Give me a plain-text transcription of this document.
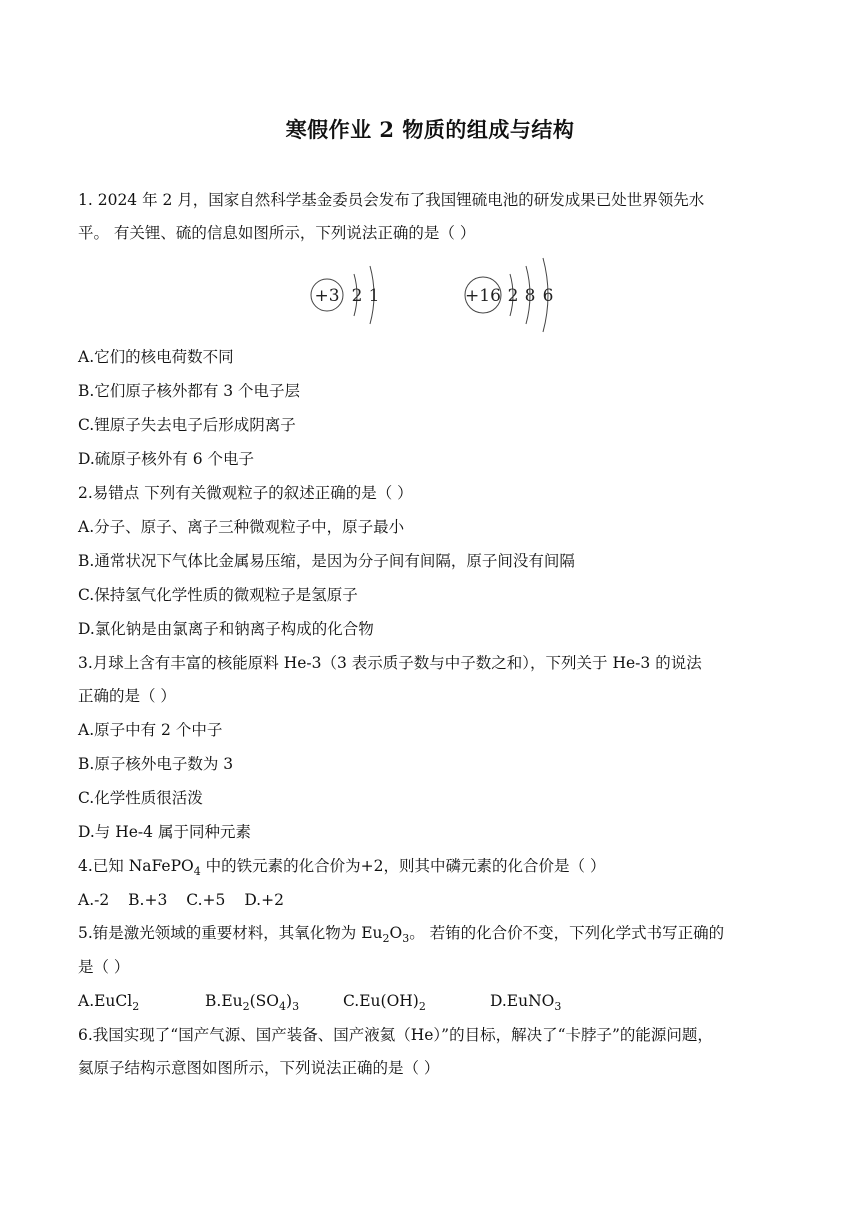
寒假作业 2 物质的组成与结构
1. 2024 年 2 月，国家自然科学基金委员会发布了我国锂硫电池的研发成果已处世界领先水
平。 有关锂、硫的信息如图所示，下列说法正确的是（ ）
+3 2 1	+16 2 8 6
A.它们的核电荷数不同
B.它们原子核外都有 3 个电子层
C.锂原子失去电子后形成阴离子
D.硫原子核外有 6 个电子
2.易错点 下列有关微观粒子的叙述正确的是（ ）
A.分子、原子、离子三种微观粒子中，原子最小
B.通常状况下气体比金属易压缩，是因为分子间有间隔，原子间没有间隔
C.保持氢气化学性质的微观粒子是氢原子
D.氯化钠是由氯离子和钠离子构成的化合物
3.月球上含有丰富的核能原料 He-3（3 表示质子数与中子数之和），下列关于 He-3 的说法
正确的是（ ）
A.原子中有 2 个中子
B.原子核外电子数为 3
C.化学性质很活泼
D.与 He-4 属于同种元素
4.已知 NaFePO$_4$ 中的铁元素的化合价为+2，则其中磷元素的化合价是（ ）
A.-2 B.+3 C.+5 D.+2
5.铕是激光领域的重要材料，其氧化物为 $Eu_2O_3$。 若铕的化合价不变，下列化学式书写正确的
是（ ）
A.EuCl$_2$	$B.Eu_2(SO_4)_3$	$C.Eu(OH)_2$	D.EuNO$_3$
6.我国实现了“国产气源、国产装备、国产液氦（He）”的目标，解决了“卡脖子”的能源问题，
氦原子结构示意图如图所示，下列说法正确的是（ ）
